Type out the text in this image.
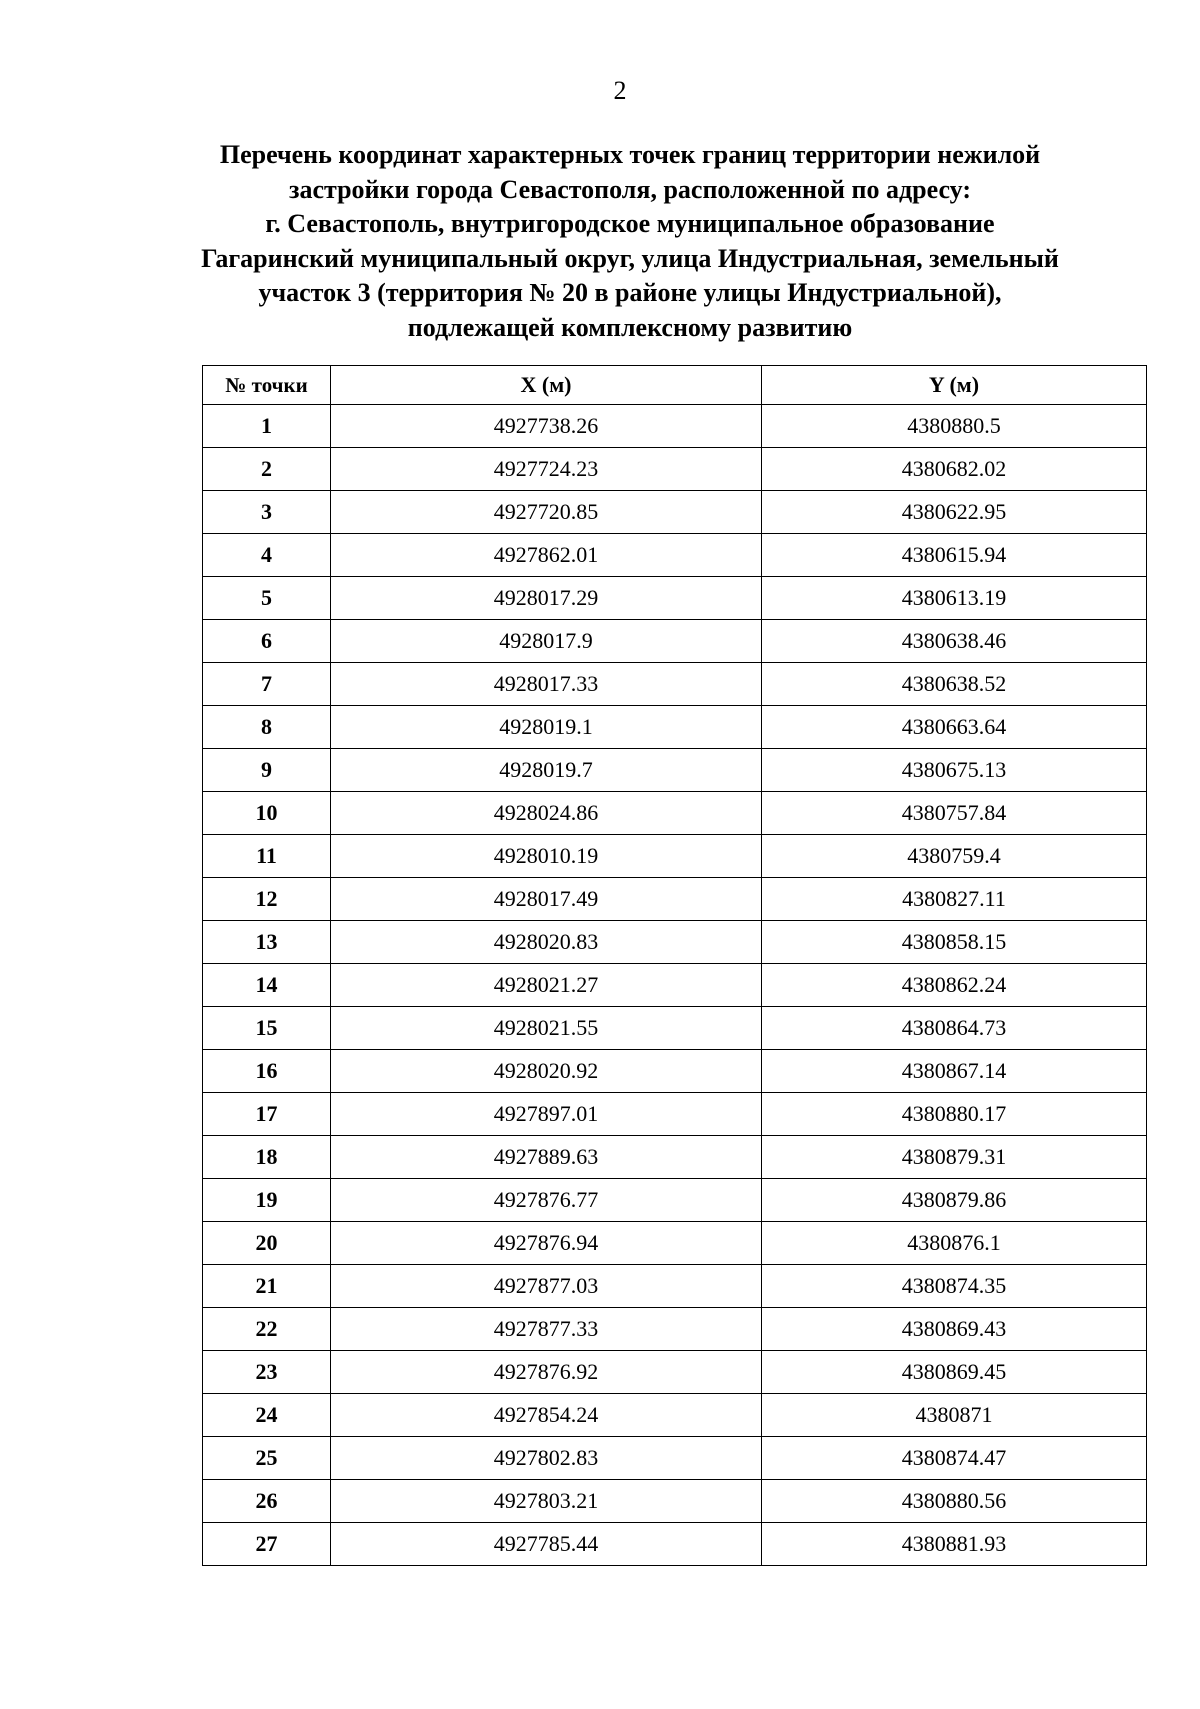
2
Перечень координат характерных точек границ территории нежилой
застройки города Севастополя, расположенной по адресу:
г. Севастополь, внутригородское муниципальное образование
Гагаринский муниципальный округ, улица Индустриальная, земельный
участок 3 (территория № 20 в районе улицы Индустриальной),
подлежащей комплексному развитию
№ точки	X (м)	Y (м)
1	4927738.26	4380880.5
2	4927724.23	4380682.02
3	4927720.85	4380622.95
4	4927862.01	4380615.94
5	4928017.29	4380613.19
6	4928017.9	4380638.46
7	4928017.33	4380638.52
8	4928019.1	4380663.64
9	4928019.7	4380675.13
10	4928024.86	4380757.84
11	4928010.19	4380759.4
12	4928017.49	4380827.11
13	4928020.83	4380858.15
14	4928021.27	4380862.24
15	4928021.55	4380864.73
16	4928020.92	4380867.14
17	4927897.01	4380880.17
18	4927889.63	4380879.31
19	4927876.77	4380879.86
20	4927876.94	4380876.1
21	4927877.03	4380874.35
22	4927877.33	4380869.43
23	4927876.92	4380869.45
24	4927854.24	4380871
25	4927802.83	4380874.47
26	4927803.21	4380880.56
27	4927785.44	4380881.93
